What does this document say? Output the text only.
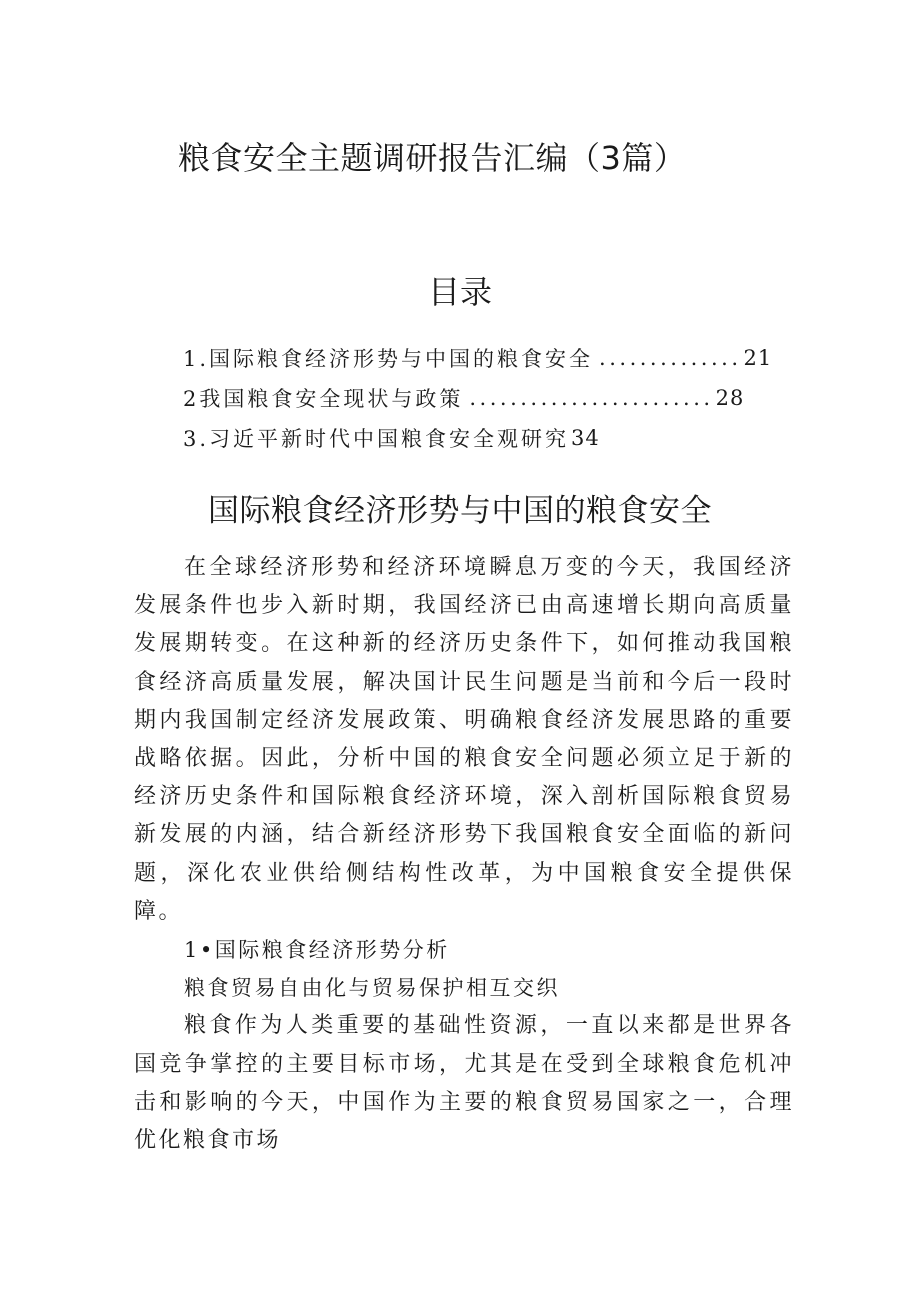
粮食安全主题调研报告汇编（3篇）
目录
1.国际粮食经济形势与中国的粮食安全 .............. 21
2我国粮食安全现状与政策 ........................ 28
3.习近平新时代中国粮食安全观研究 34
国际粮食经济形势与中国的粮食安全

在全球经济形势和经济环境瞬息万变的今天，我国经济发展条件也步入新时期，我国经济已由高速增长期向高质量发展期转变。在这种新的经济历史条件下，如何推动我国粮食经济高质量发展，解决国计民生问题是当前和今后一段时期内我国制定经济发展政策、明确粮食经济发展思路的重要战略依据。因此，分析中国的粮食安全问题必须立足于新的经济历史条件和国际粮食经济环境，深入剖析国际粮食贸易新发展的内涵，结合新经济形势下我国粮食安全面临的新问题，深化农业供给侧结构性改革，为中国粮食安全提供保障。

1•国际粮食经济形势分析
粮食贸易自由化与贸易保护相互交织

粮食作为人类重要的基础性资源，一直以来都是世界各国竞争掌控的主要目标市场，尤其是在受到全球粮食危机冲击和影响的今天，中国作为主要的粮食贸易国家之一，合理优化粮食市场
